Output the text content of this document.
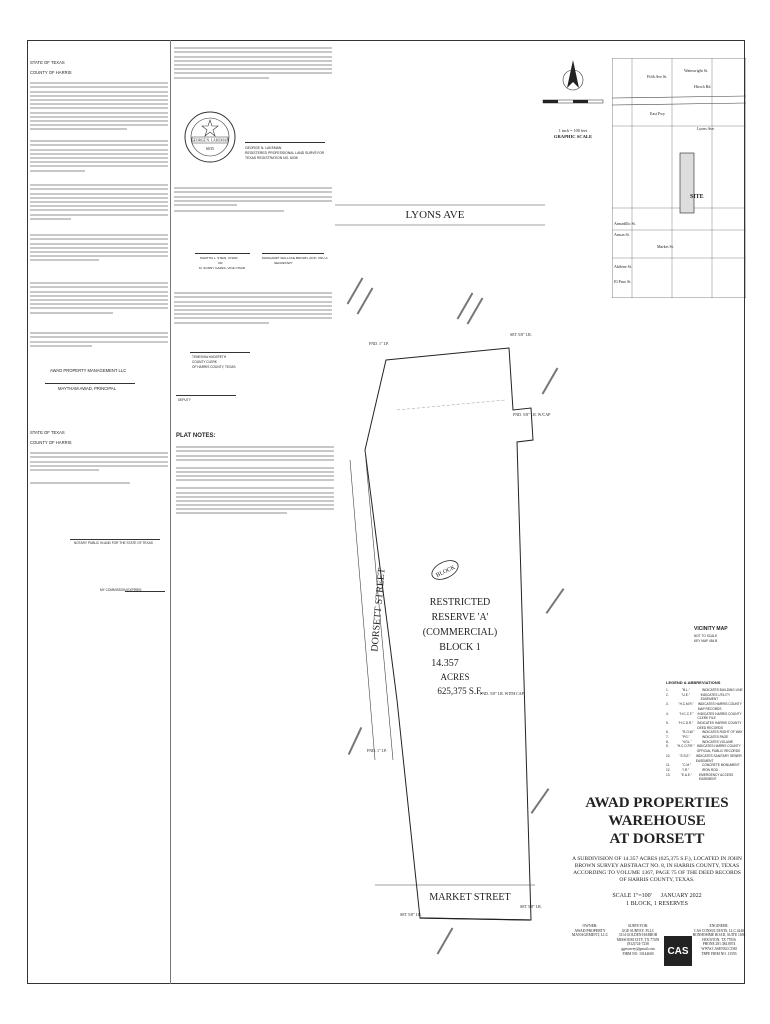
STATE OF TEXAS
COUNTY OF HARRIS
AWAD PROPERTY MANAGEMENT LLC
MAYTHAM AWAD, PRINCIPAL
STATE OF TEXAS
COUNTY OF HARRIS
NOTARY PUBLIC IN AND FOR THE STATE OF TEXAS
MY COMMISSION EXPIRES:
GEORGE N. LAKEMAN
6035	GEORGE N. LAKEMAN
REGISTERED PROFESSIONAL LAND SURVEYOR
TEXAS REGISTRATION NO. 6035
MARTHA L. STEIN, CHAIR
OR
M. SONNY GARZA, VICE CHAIR
MARGARET WALLACE BROWN, AICP, CNU-A
SECRETARY
TENESHIA HUDSPETH
COUNTY CLERK
OF HARRIS COUNTY, TEXAS
DEPUTY
PLAT NOTES:
1 inch = 100 feet
GRAPHIC SCALE
LYONS AVE
DORSETT STREET
MARKET STREET
BLOCK
RESTRICTED
RESERVE 'A'
(COMMERCIAL)
BLOCK 1
14.357
ACRES
625,375 S.F.
FND. 1" I.P.
SET 5/8" I.R.
FND. 5/8" I.R. W/CAP
FND. 5/8" I.R. WITH CAP
FND. 1" I.P.
SET 5/8" I.R.
SET 5/8" I.R.
SITE
Wainwright St.
Fifth Ave St.
Hirsch Rd.
East Fwy
Lyons Ave.
Armadillo St.
Anson St.
Market St.
Abilene St.
El Paso St.
VICINITY MAP
NOT TO SCALE
KEY MAP 454 B
LEGEND & ABBREVIATIONS
1.	"B.L."	INDICATES BUILDING LINE
2.	"U.E."	INDICATES UTILITY EASEMENT
3.	"H.C.M.R." INDICATES HARRIS COUNTY MAP RECORDS
4.	"H.C.C.F." INDICATES HARRIS COUNTY CLERK FILE
5.	"H.C.D.R." INDICATES HARRIS COUNTY DEED RECORDS
6.	"R.O.W."	INDICATES RIGHT OF WAY
7.	"PG."	INDICATES PAGE
8.	"VOL."	INDICATES VOLUME
9.	"H.C.O.P.R." INDICATES HARRIS COUNTY OFFICIAL PUBLIC RECORDS
10.	"S.S.E."	INDICATES SANITARY SEWER EASEMENT
11.	"C.M."	CONCRETE MONUMENT
12.	"I.R."	IRON ROD
13.	"E.A.E."	EMERGENCY ACCESS EASEMENT
AWAD PROPERTIES WAREHOUSE
AT DORSETT
A SUBDIVISION OF 14.357 ACRES (625,375 S.F.), LOCATED IN JOHN BROWN SURVEY ABSTRACT NO. 8, IN HARRIS COUNTY, TEXAS ACCORDING TO VOLUME 1367, PAGE 75 OF THE DEED RECORDS OF HARRIS COUNTY, TEXAS.
SCALE 1"=100' JANUARY 2022
1 BLOCK, 1 RESERVES
OWNER:
AWAD PROPERTY MANAGEMENT, LLC
SURVEYOR:
GGE SURVEY, PLLC
3114 GOLDEN HARBOR MISSOURI CITY, TX 77459
(832)724-7238
ggesurvey@gmail.com
FIRM NO. 10144600	CAS
ENGINEER:
CAS CONSULTANTS, LLC 4240
BONHOMME ROAD, SUITE 1650 HOUSTON, TX 77056
PHONE 281.384.8074
WWW.CASENGI.COM
TBPE FIRM NO. 13595
